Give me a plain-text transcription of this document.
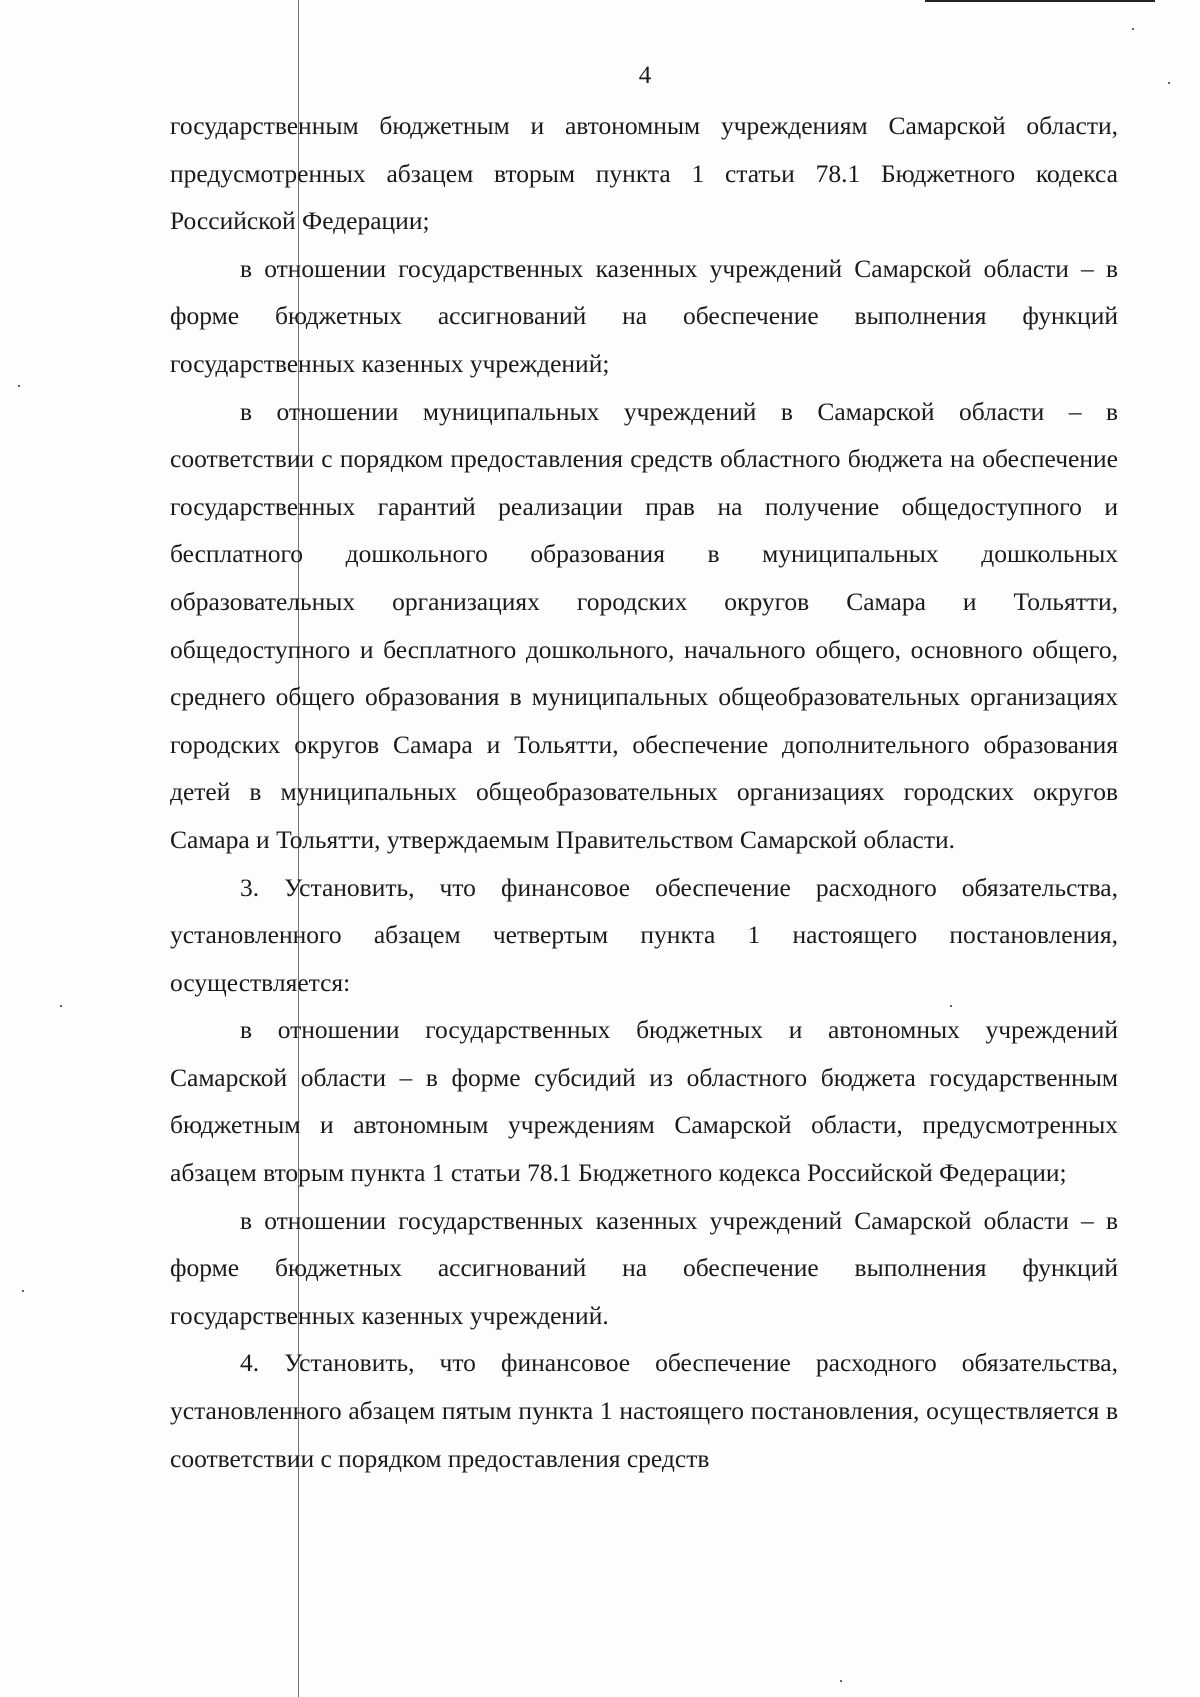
4

государственным бюджетным и автономным учреждениям Самарской области, предусмотренных абзацем вторым пункта 1 статьи 78.1 Бюджетного кодекса Российской Федерации;

в отношении государственных казенных учреждений Самарской области – в форме бюджетных ассигнований на обеспечение выполнения функций государственных казенных учреждений;

в отношении муниципальных учреждений в Самарской области – в соответствии с порядком предоставления средств областного бюджета на обеспечение государственных гарантий реализации прав на получение общедоступного и бесплатного дошкольного образования в муниципальных дошкольных образовательных организациях городских округов Самара и Тольятти, общедоступного и бесплатного дошкольного, начального общего, основного общего, среднего общего образования в муниципальных общеобразовательных организациях городских округов Самара и Тольятти, обеспечение дополнительного образования детей в муниципальных общеобразовательных организациях городских округов Самара и Тольятти, утверждаемым Правительством Самарской области.

3. Установить, что финансовое обеспечение расходного обязательства, установленного абзацем четвертым пункта 1 настоящего постановления, осуществляется:

в отношении государственных бюджетных и автономных учреждений Самарской области – в форме субсидий из областного бюджета государственным бюджетным и автономным учреждениям Самарской области, предусмотренных абзацем вторым пункта 1 статьи 78.1 Бюджетного кодекса Российской Федерации;

в отношении государственных казенных учреждений Самарской области – в форме бюджетных ассигнований на обеспечение выполнения функций государственных казенных учреждений.

4. Установить, что финансовое обеспечение расходного обязательства, установленного абзацем пятым пункта 1 настоящего постановления, осуществляется в соответствии с порядком предоставления средств
